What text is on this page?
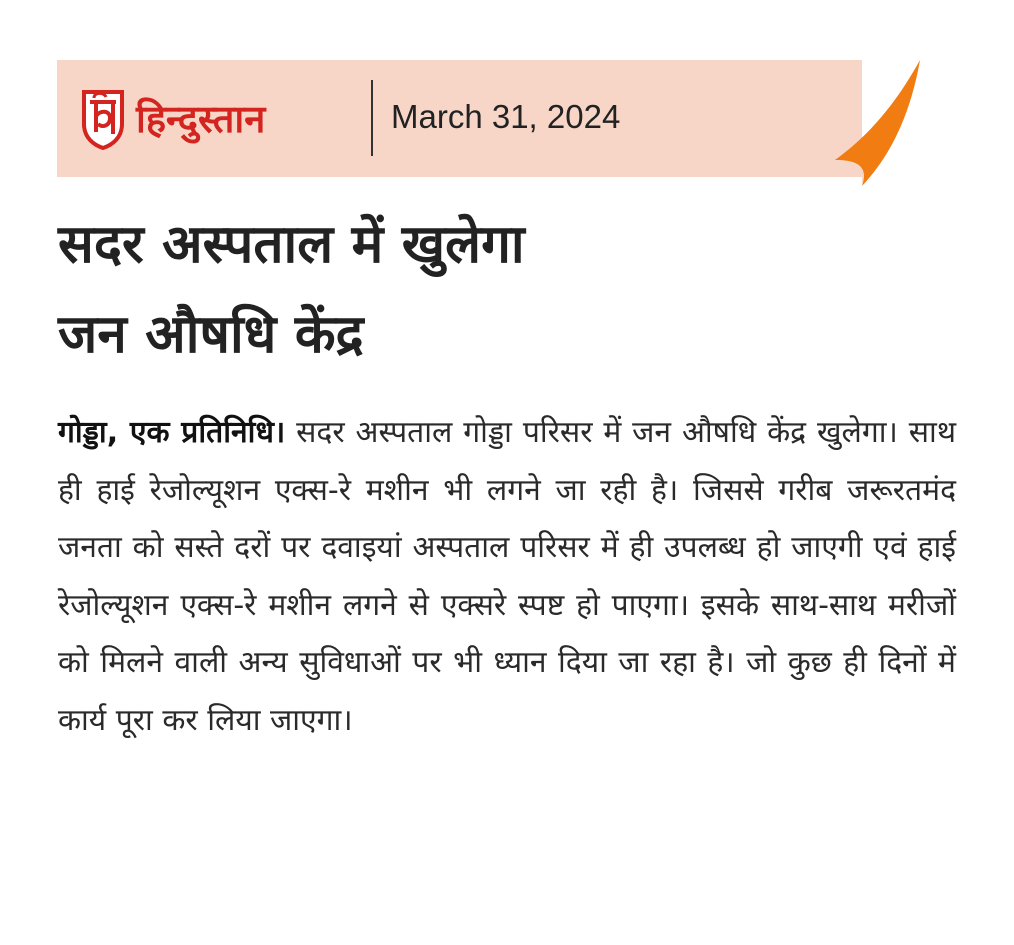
हिन्दुस्तान	March 31, 2024
सदर अस्पताल में खुलेगा
जन औषधि केंद्र

गोड्डा, एक प्रतिनिधि। सदर अस्पताल गोड्डा परिसर में जन औषधि केंद्र खुलेगा। साथ ही हाई रेजोल्यूशन एक्स-रे मशीन भी लगने जा रही है। जिससे गरीब जरूरतमंद जनता को सस्ते दरों पर दवाइयां अस्पताल परिसर में ही उपलब्ध हो जाएगी एवं हाई रेजोल्यूशन एक्स-रे मशीन लगने से एक्सरे स्पष्ट हो पाएगा। इसके साथ-साथ मरीजों को मिलने वाली अन्य सुविधाओं पर भी ध्यान दिया जा रहा है। जो कुछ ही दिनों में कार्य पूरा कर लिया जाएगा।
